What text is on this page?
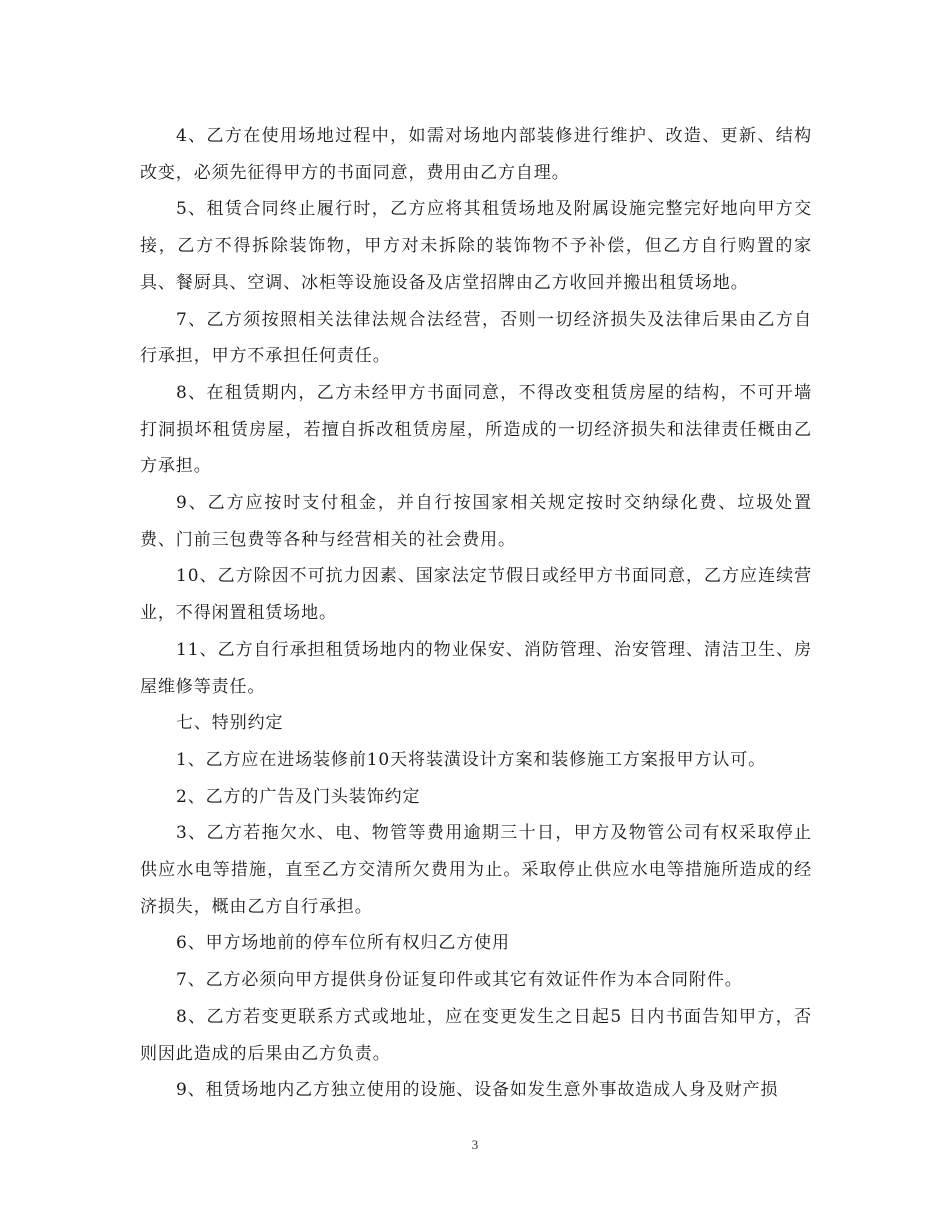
4、乙方在使用场地过程中，如需对场地内部装修进行维护、改造、更新、结构改变，必须先征得甲方的书面同意，费用由乙方自理。

5、租赁合同终止履行时，乙方应将其租赁场地及附属设施完整完好地向甲方交接，乙方不得拆除装饰物，甲方对未拆除的装饰物不予补偿，但乙方自行购置的家具、餐厨具、空调、冰柜等设施设备及店堂招牌由乙方收回并搬出租赁场地。

7、乙方须按照相关法律法规合法经营，否则一切经济损失及法律后果由乙方自行承担，甲方不承担任何责任。

8、在租赁期内，乙方未经甲方书面同意，不得改变租赁房屋的结构，不可开墙打洞损坏租赁房屋，若擅自拆改租赁房屋，所造成的一切经济损失和法律责任概由乙方承担。

9、乙方应按时支付租金，并自行按国家相关规定按时交纳绿化费、垃圾处置费、门前三包费等各种与经营相关的社会费用。

10、乙方除因不可抗力因素、国家法定节假日或经甲方书面同意，乙方应连续营业，不得闲置租赁场地。

11、乙方自行承担租赁场地内的物业保安、消防管理、治安管理、清洁卫生、房屋维修等责任。

七、特别约定

1、乙方应在进场装修前10天将装潢设计方案和装修施工方案报甲方认可。

2、乙方的广告及门头装饰约定

3、乙方若拖欠水、电、物管等费用逾期三十日，甲方及物管公司有权采取停止供应水电等措施，直至乙方交清所欠费用为止。采取停止供应水电等措施所造成的经济损失，概由乙方自行承担。

6、甲方场地前的停车位所有权归乙方使用

7、乙方必须向甲方提供身份证复印件或其它有效证件作为本合同附件。

8、乙方若变更联系方式或地址，应在变更发生之日起5 日内书面告知甲方，否则因此造成的后果由乙方负责。

9、租赁场地内乙方独立使用的设施、设备如发生意外事故造成人身及财产损

3
